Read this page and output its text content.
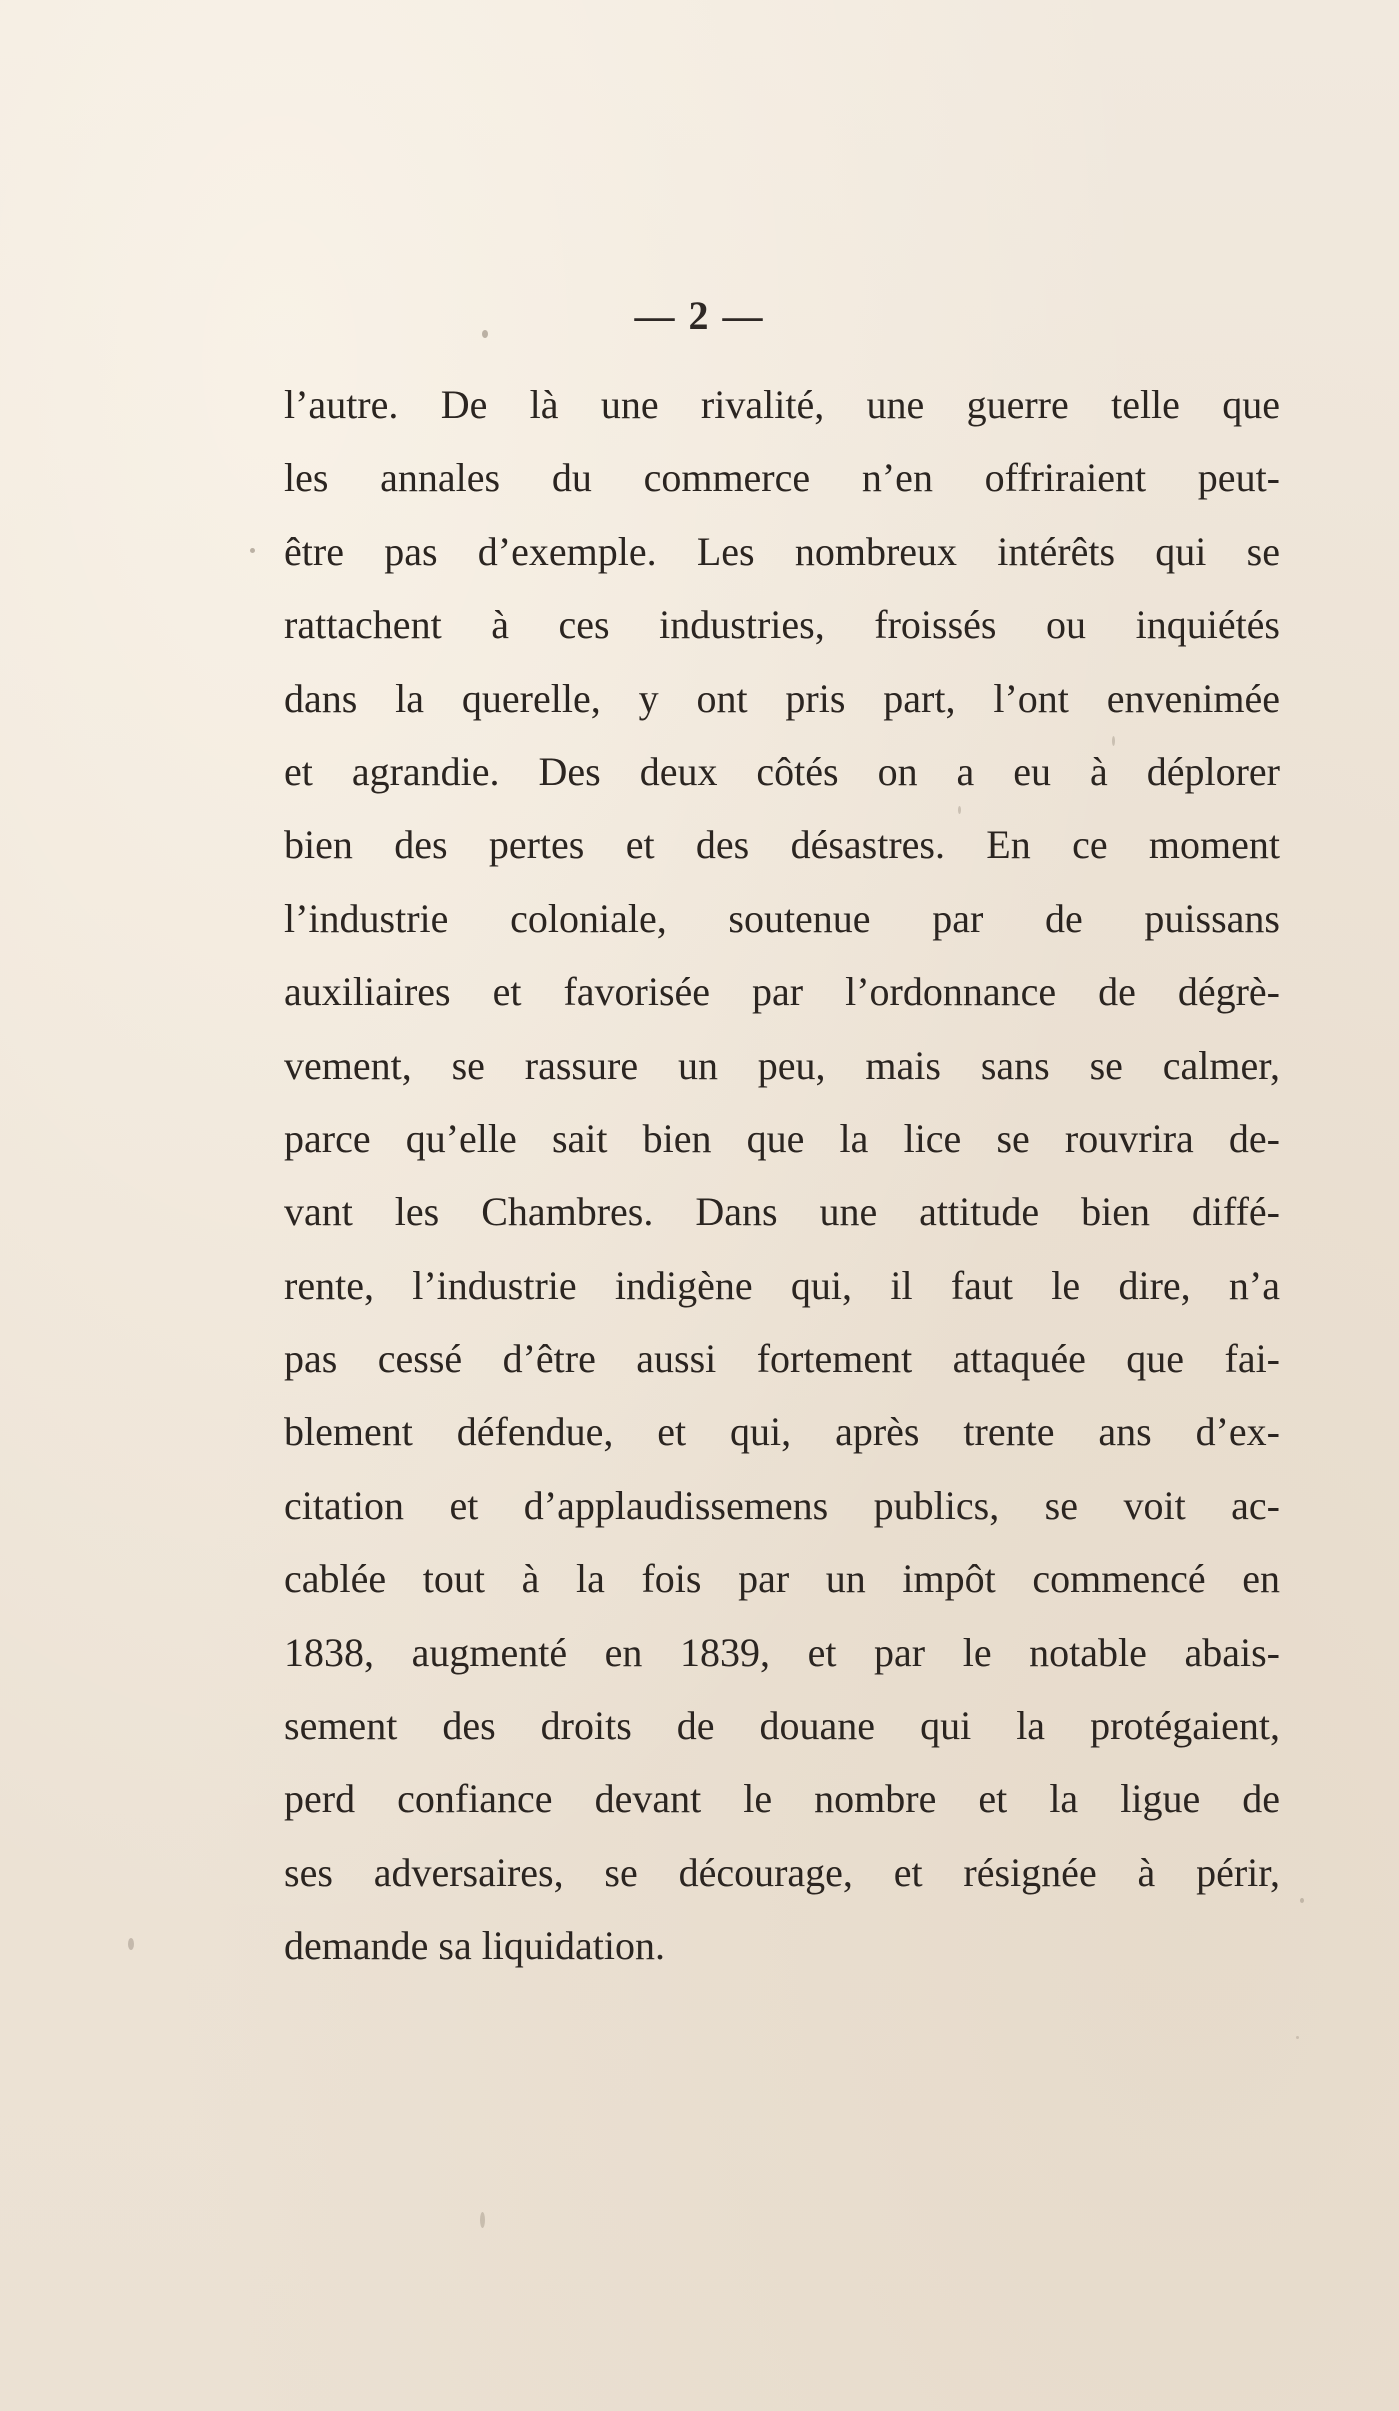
— 2 —
l’autre. De là une rivalité, une guerre telle que
les annales du commerce n’en offriraient peut-
être pas d’exemple. Les nombreux intérêts qui se
rattachent à ces industries, froissés ou inquiétés
dans la querelle, y ont pris part, l’ont envenimée
et agrandie. Des deux côtés on a eu à déplorer
bien des pertes et des désastres. En ce moment
l’industrie coloniale, soutenue par de puissans
auxiliaires et favorisée par l’ordonnance de dégrè-
vement, se rassure un peu, mais sans se calmer,
parce qu’elle sait bien que la lice se rouvrira de-
vant les Chambres. Dans une attitude bien diffé-
rente, l’industrie indigène qui, il faut le dire, n’a
pas cessé d’être aussi fortement attaquée que fai-
blement défendue, et qui, après trente ans d’ex-
citation et d’applaudissemens publics, se voit ac-
cablée tout à la fois par un impôt commencé en
1838, augmenté en 1839, et par le notable abais-
sement des droits de douane qui la protégaient,
perd confiance devant le nombre et la ligue de
ses adversaires, se décourage, et résignée à périr,
demande sa liquidation.
